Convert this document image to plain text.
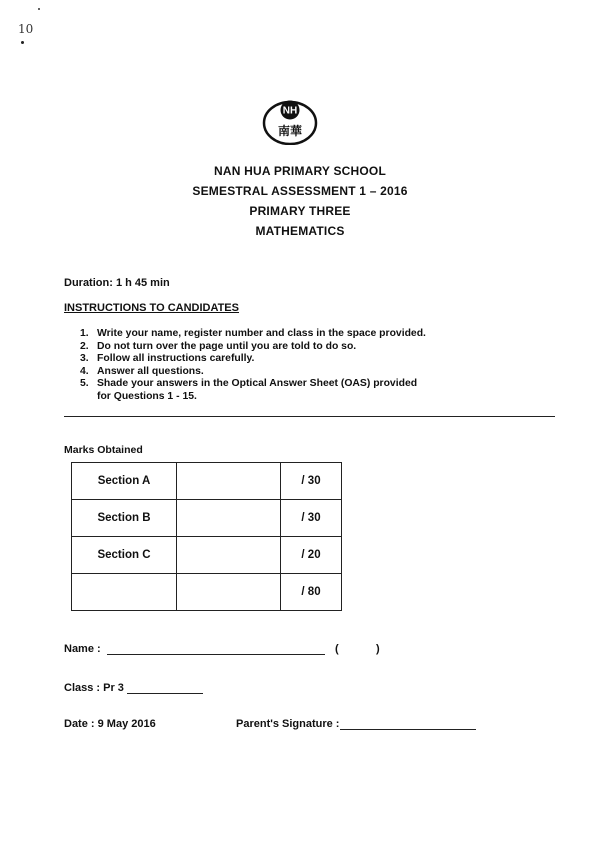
10
NH
南華
NAN HUA PRIMARY SCHOOL
SEMESTRAL ASSESSMENT 1 – 2016
PRIMARY THREE
MATHEMATICS
Duration: 1 h 45 min
INSTRUCTIONS TO CANDIDATES
1. Write your name, register number and class in the space provided.
2. Do not turn over the page until you are told to do so.
3. Follow all instructions carefully.
4. Answer all questions.
5. Shade your answers in the Optical Answer Sheet (OAS) provided
for Questions 1 - 15.
Marks Obtained
Section A		/ 30
Section B		/ 30
Section C		/ 20
		/ 80
Name :	(	)
Class : Pr 3
Date : 9 May 2016	Parent's Signature :
